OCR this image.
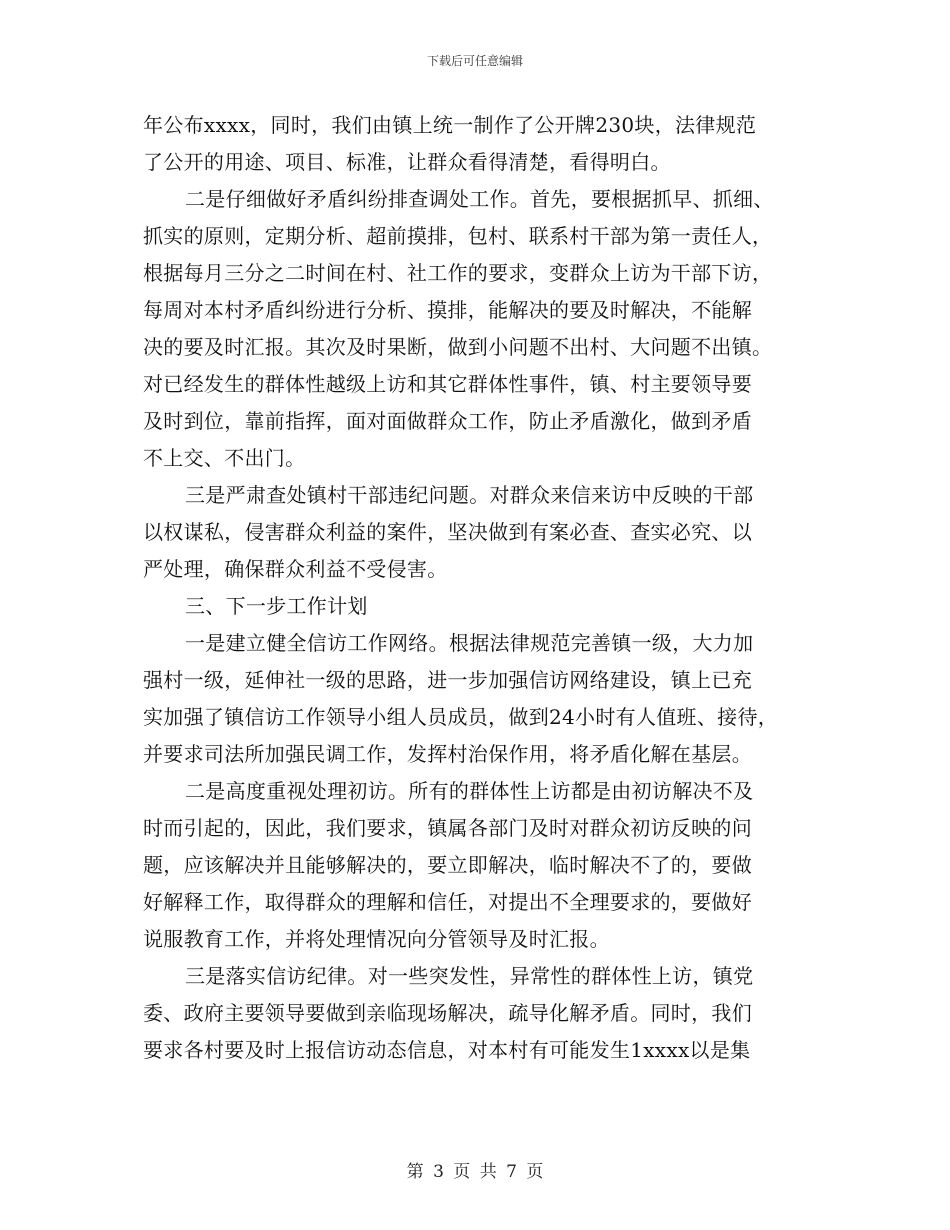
下载后可任意编辑
年公布xxxx，同时，我们由镇上统一制作了公开牌230块，法律规范
了公开的用途、项目、标准，让群众看得清楚，看得明白。
二是仔细做好矛盾纠纷排查调处工作。首先，要根据抓早、抓细、
抓实的原则，定期分析、超前摸排，包村、联系村干部为第一责任人，
根据每月三分之二时间在村、社工作的要求，变群众上访为干部下访，
每周对本村矛盾纠纷进行分析、摸排，能解决的要及时解决，不能解
决的要及时汇报。其次及时果断，做到小问题不出村、大问题不出镇。
对已经发生的群体性越级上访和其它群体性事件，镇、村主要领导要
及时到位，靠前指挥，面对面做群众工作，防止矛盾激化，做到矛盾
不上交、不出门。
三是严肃查处镇村干部违纪问题。对群众来信来访中反映的干部
以权谋私，侵害群众利益的案件，坚决做到有案必查、查实必究、以
严处理，确保群众利益不受侵害。
三、下一步工作计划
一是建立健全信访工作网络。根据法律规范完善镇一级，大力加
强村一级，延伸社一级的思路，进一步加强信访网络建设，镇上已充
实加强了镇信访工作领导小组人员成员，做到24小时有人值班、接待，
并要求司法所加强民调工作，发挥村治保作用，将矛盾化解在基层。
二是高度重视处理初访。所有的群体性上访都是由初访解决不及
时而引起的，因此，我们要求，镇属各部门及时对群众初访反映的问
题，应该解决并且能够解决的，要立即解决，临时解决不了的，要做
好解释工作，取得群众的理解和信任，对提出不全理要求的，要做好
说服教育工作，并将处理情况向分管领导及时汇报。
三是落实信访纪律。对一些突发性，异常性的群体性上访，镇党
委、政府主要领导要做到亲临现场解决，疏导化解矛盾。同时，我们
要求各村要及时上报信访动态信息，对本村有可能发生1xxxx以是集
第 3 页 共 7 页
